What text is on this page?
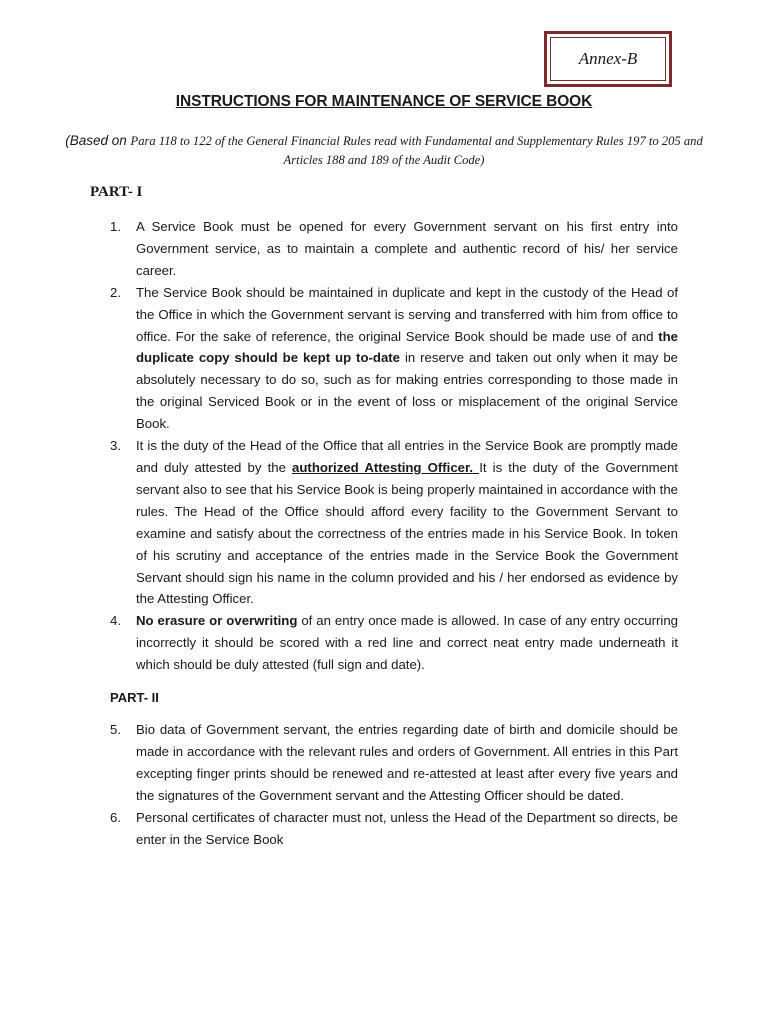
Annex-B
INSTRUCTIONS FOR MAINTENANCE OF SERVICE BOOK
(Based on Para 118 to 122 of the General Financial Rules read with Fundamental and Supplementary Rules 197 to 205 and Articles 188 and 189 of the Audit Code)
PART- I
1. A Service Book must be opened for every Government servant on his first entry into Government service, as to maintain a complete and authentic record of his/ her service career.
2. The Service Book should be maintained in duplicate and kept in the custody of the Head of the Office in which the Government servant is serving and transferred with him from office to office. For the sake of reference, the original Service Book should be made use of and the duplicate copy should be kept up to-date in reserve and taken out only when it may be absolutely necessary to do so, such as for making entries corresponding to those made in the original Serviced Book or in the event of loss or misplacement of the original Service Book.
3. It is the duty of the Head of the Office that all entries in the Service Book are promptly made and duly attested by the authorized Attesting Officer. It is the duty of the Government servant also to see that his Service Book is being properly maintained in accordance with the rules. The Head of the Office should afford every facility to the Government Servant to examine and satisfy about the correctness of the entries made in his Service Book. In token of his scrutiny and acceptance of the entries made in the Service Book the Government Servant should sign his name in the column provided and his / her endorsed as evidence by the Attesting Officer.
4. No erasure or overwriting of an entry once made is allowed. In case of any entry occurring incorrectly it should be scored with a red line and correct neat entry made underneath it which should be duly attested (full sign and date).
PART- II
5. Bio data of Government servant, the entries regarding date of birth and domicile should be made in accordance with the relevant rules and orders of Government. All entries in this Part excepting finger prints should be renewed and re-attested at least after every five years and the signatures of the Government servant and the Attesting Officer should be dated.
6. Personal certificates of character must not, unless the Head of the Department so directs, be enter in the Service Book
